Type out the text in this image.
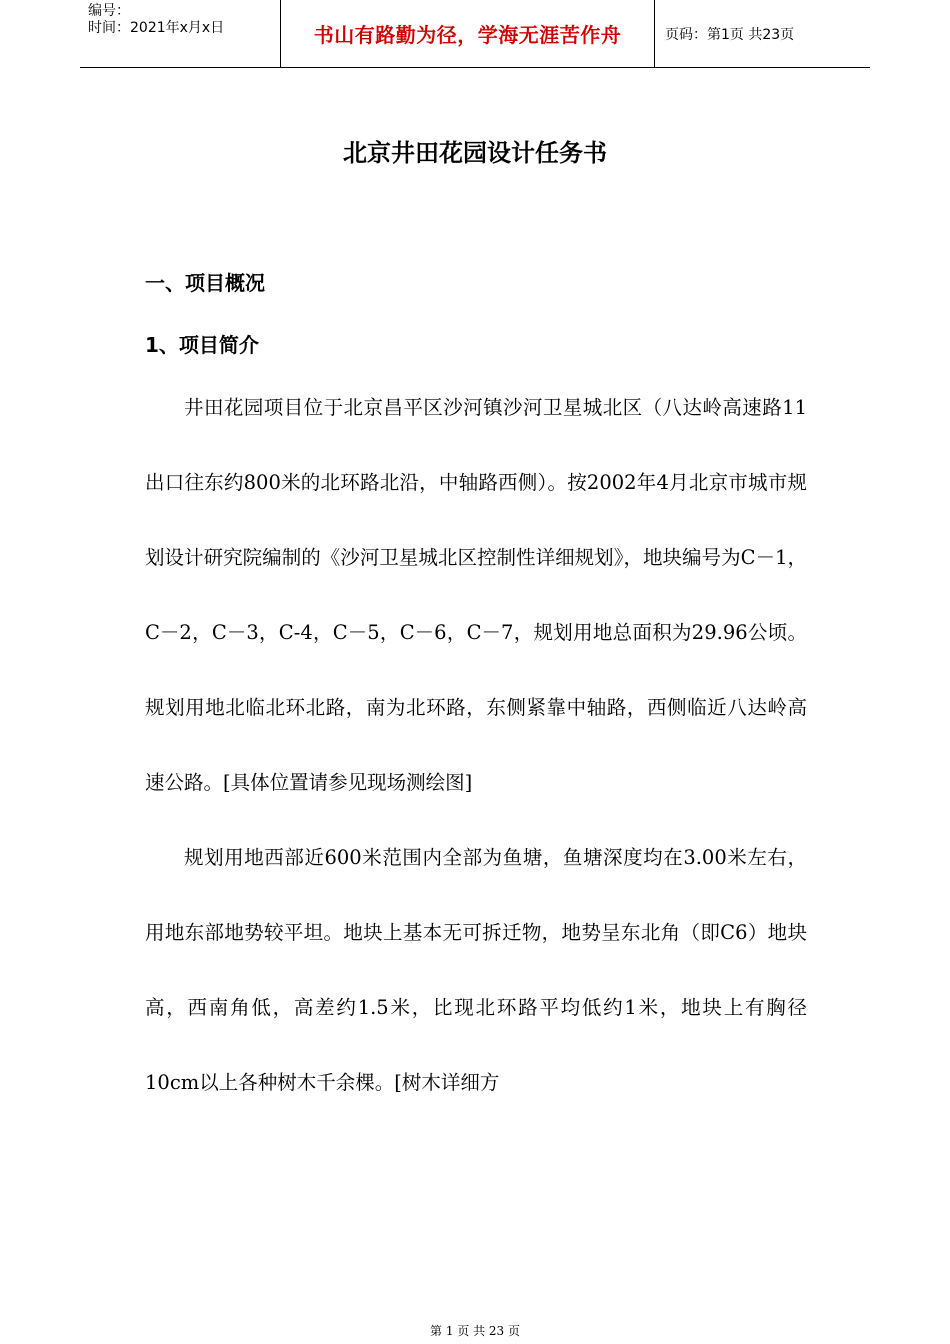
编号：
时间：2021年x月x日	书山有路勤为径，学海无涯苦作舟	页码：第1页 共23页
北京井田花园设计任务书
一、项目概况
1、项目简介

井田花园项目位于北京昌平区沙河镇沙河卫星城北区（八达岭高速路11出口往东约800米的北环路北沿，中轴路西侧）。按2002年4月北京市城市规划设计研究院编制的《沙河卫星城北区控制性详细规划》，地块编号为C－1，C－2，C－3，C-4，C－5，C－6，C－7，规划用地总面积为29.96公顷。规划用地北临北环北路，南为北环路，东侧紧靠中轴路，西侧临近八达岭高速公路。[具体位置请参见现场测绘图]

规划用地西部近600米范围内全部为鱼塘，鱼塘深度均在3.00米左右，用地东部地势较平坦。地块上基本无可拆迁物，地势呈东北角（即C6）地块高，西南角低，高差约1.5米，比现北环路平均低约1米，地块上有胸径10cm以上各种树木千余棵。[树木详细方

第 1 页 共 23 页
